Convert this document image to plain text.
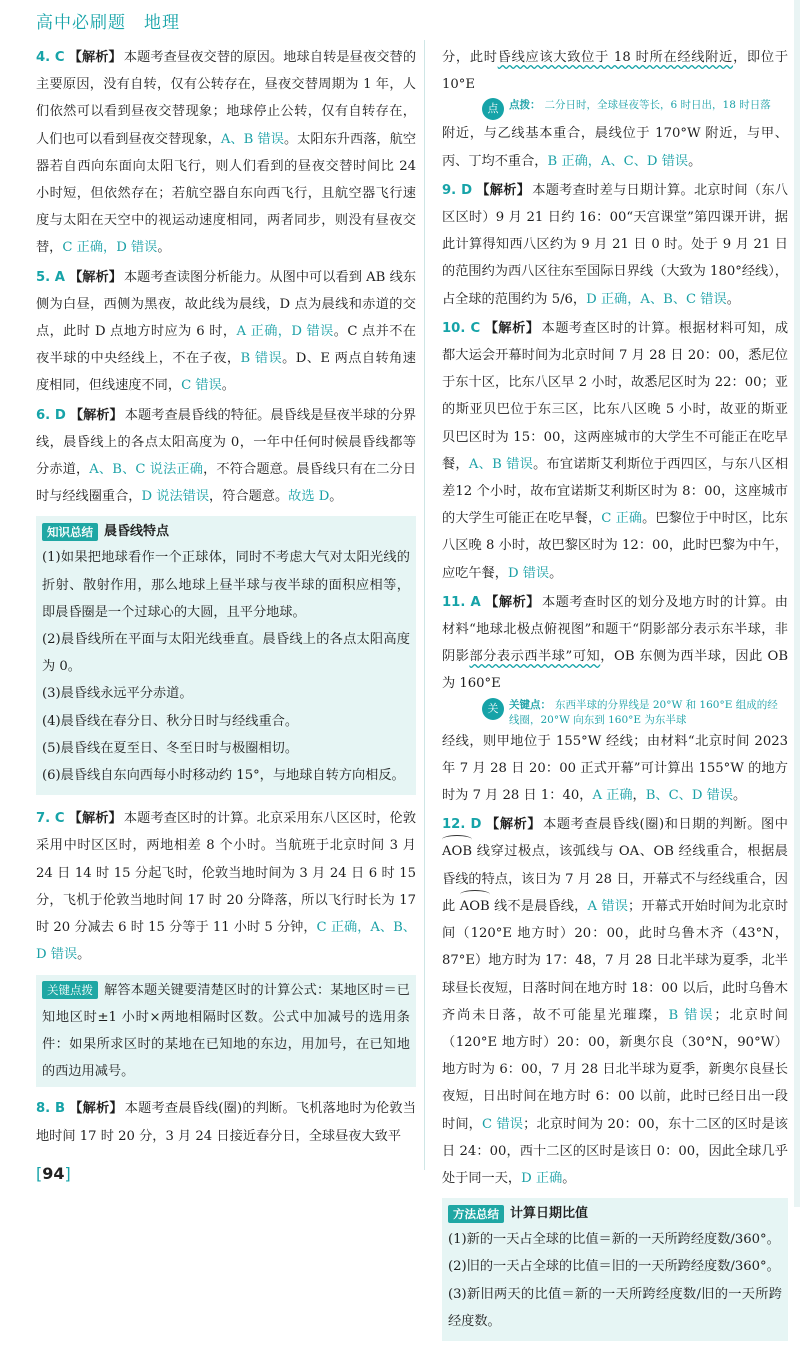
高中必刷题　地理

4. C 【解析】 本题考查昼夜交替的原因。地球自转是昼夜交替的主要原因，没有自转，仅有公转存在，昼夜交替周期为 1 年，人们依然可以看到昼夜交替现象；地球停止公转，仅有自转存在，人们也可以看到昼夜交替现象，A、B 错误。太阳东升西落，航空器若自西向东面向太阳飞行，则人们看到的昼夜交替时间比 24 小时短，但依然存在；若航空器自东向西飞行，且航空器飞行速度与太阳在天空中的视运动速度相同，两者同步，则没有昼夜交替，C 正确，D 错误。

5. A 【解析】 本题考查读图分析能力。从图中可以看到 AB 线东侧为白昼，西侧为黑夜，故此线为晨线，D 点为晨线和赤道的交点，此时 D 点地方时应为 6 时，A 正确，D 错误。C 点并不在夜半球的中央经线上，不在子夜，B 错误。D、E 两点自转角速度相同，但线速度不同，C 错误。

6. D 【解析】 本题考查晨昏线的特征。晨昏线是昼夜半球的分界线，晨昏线上的各点太阳高度为 0，一年中任何时候晨昏线都等分赤道，A、B、C 说法正确，不符合题意。晨昏线只有在二分日时与经线圈重合，D 说法错误，符合题意。故选 D。

知识总结 晨昏线特点

(1)如果把地球看作一个正球体，同时不考虑大气对太阳光线的折射、散射作用，那么地球上昼半球与夜半球的面积应相等，即晨昏圈是一个过球心的大圆，且平分地球。

(2)晨昏线所在平面与太阳光线垂直。晨昏线上的各点太阳高度为 0。

(3)晨昏线永远平分赤道。

(4)晨昏线在春分日、秋分日时与经线重合。

(5)晨昏线在夏至日、冬至日时与极圈相切。

(6)晨昏线自东向西每小时移动约 15°，与地球自转方向相反。

7. C 【解析】 本题考查区时的计算。北京采用东八区区时，伦敦采用中时区区时，两地相差 8 个小时。当航班于北京时间 3 月 24 日 14 时 15 分起飞时，伦敦当地时间为 3 月 24 日 6 时 15 分，飞机于伦敦当地时间 17 时 20 分降落，所以飞行时长为 17 时 20 分减去 6 时 15 分等于 11 小时 5 分钟，C 正确，A、B、D 错误。

关键点拨 解答本题关键要清楚区时的计算公式：某地区时＝已知地区时±1 小时×两地相隔时区数。公式中加减号的选用条件：如果所求区时的某地在已知地的东边，用加号，在已知地的西边用减号。

8. B 【解析】 本题考查晨昏线(圈)的判断。飞机落地时为伦敦当地时间 17 时 20 分，3 月 24 日接近春分日，全球昼夜大致平

分，此时昏线应该大致位于 18 时所在经线附近，即位于 10°E

点	点拨： 二分日时，全球昼夜等长，6 时日出，18 时日落

附近，与乙线基本重合，晨线位于 170°W 附近，与甲、丙、丁均不重合，B 正确，A、C、D 错误。

9. D 【解析】 本题考查时差与日期计算。北京时间（东八区区时）9 月 21 日约 16：00“天宫课堂”第四课开讲，据此计算得知西八区约为 9 月 21 日 0 时。处于 9 月 21 日的范围约为西八区往东至国际日界线（大致为 180°经线），占全球的范围约为 5/6，D 正确，A、B、C 错误。

10. C 【解析】 本题考查区时的计算。根据材料可知，成都大运会开幕时间为北京时间 7 月 28 日 20：00，悉尼位于东十区，比东八区早 2 小时，故悉尼区时为 22：00；亚的斯亚贝巴位于东三区，比东八区晚 5 小时，故亚的斯亚贝巴区时为 15：00，这两座城市的大学生不可能正在吃早餐，A、B 错误。布宜诺斯艾利斯位于西四区，与东八区相差12 个小时，故布宜诺斯艾利斯区时为 8：00，这座城市的大学生可能正在吃早餐，C 正确。巴黎位于中时区，比东八区晚 8 小时，故巴黎区时为 12：00，此时巴黎为中午，应吃午餐，D 错误。

11. A 【解析】 本题考查时区的划分及地方时的计算。由材料“地球北极点俯视图”和题干“阴影部分表示东半球，非阴影部分表示西半球”可知，OB 东侧为西半球，因此 OB 为 160°E

关	关键点： 东西半球的分界线是 20°W 和 160°E 组成的经线圈，20°W 向东到 160°E 为东半球

经线，则甲地位于 155°W 经线；由材料“北京时间 2023 年 7 月 28 日 20：00 正式开幕”可计算出 155°W 的地方时为 7 月 28 日 1：40，A 正确，B、C、D 错误。

12. D 【解析】 本题考查晨昏线(圈)和日期的判断。图中 AOB 线穿过极点，该弧线与 OA、OB 经线重合，根据晨昏线的特点，该日为 7 月 28 日，开幕式不与经线重合，因此 AOB 线不是晨昏线，A 错误；开幕式开始时间为北京时间（120°E 地方时）20：00，此时乌鲁木齐（43°N，87°E）地方时为 17：48，7 月 28 日北半球为夏季，北半球昼长夜短，日落时间在地方时 18：00 以后，此时乌鲁木齐尚未日落，故不可能星光璀璨，B 错误；北京时间（120°E 地方时）20：00，新奥尔良（30°N，90°W）地方时为 6：00，7 月 28 日北半球为夏季，新奥尔良昼长夜短，日出时间在地方时 6：00 以前，此时已经日出一段时间，C 错误；北京时间为 20：00，东十二区的区时是该日 24：00，西十二区的区时是该日 0：00，因此全球几乎处于同一天，D 正确。

方法总结 计算日期比值

(1)新的一天占全球的比值＝新的一天所跨经度数/360°。

(2)旧的一天占全球的比值＝旧的一天所跨经度数/360°。

(3)新旧两天的比值＝新的一天所跨经度数/旧的一天所跨经度数。

[94]
